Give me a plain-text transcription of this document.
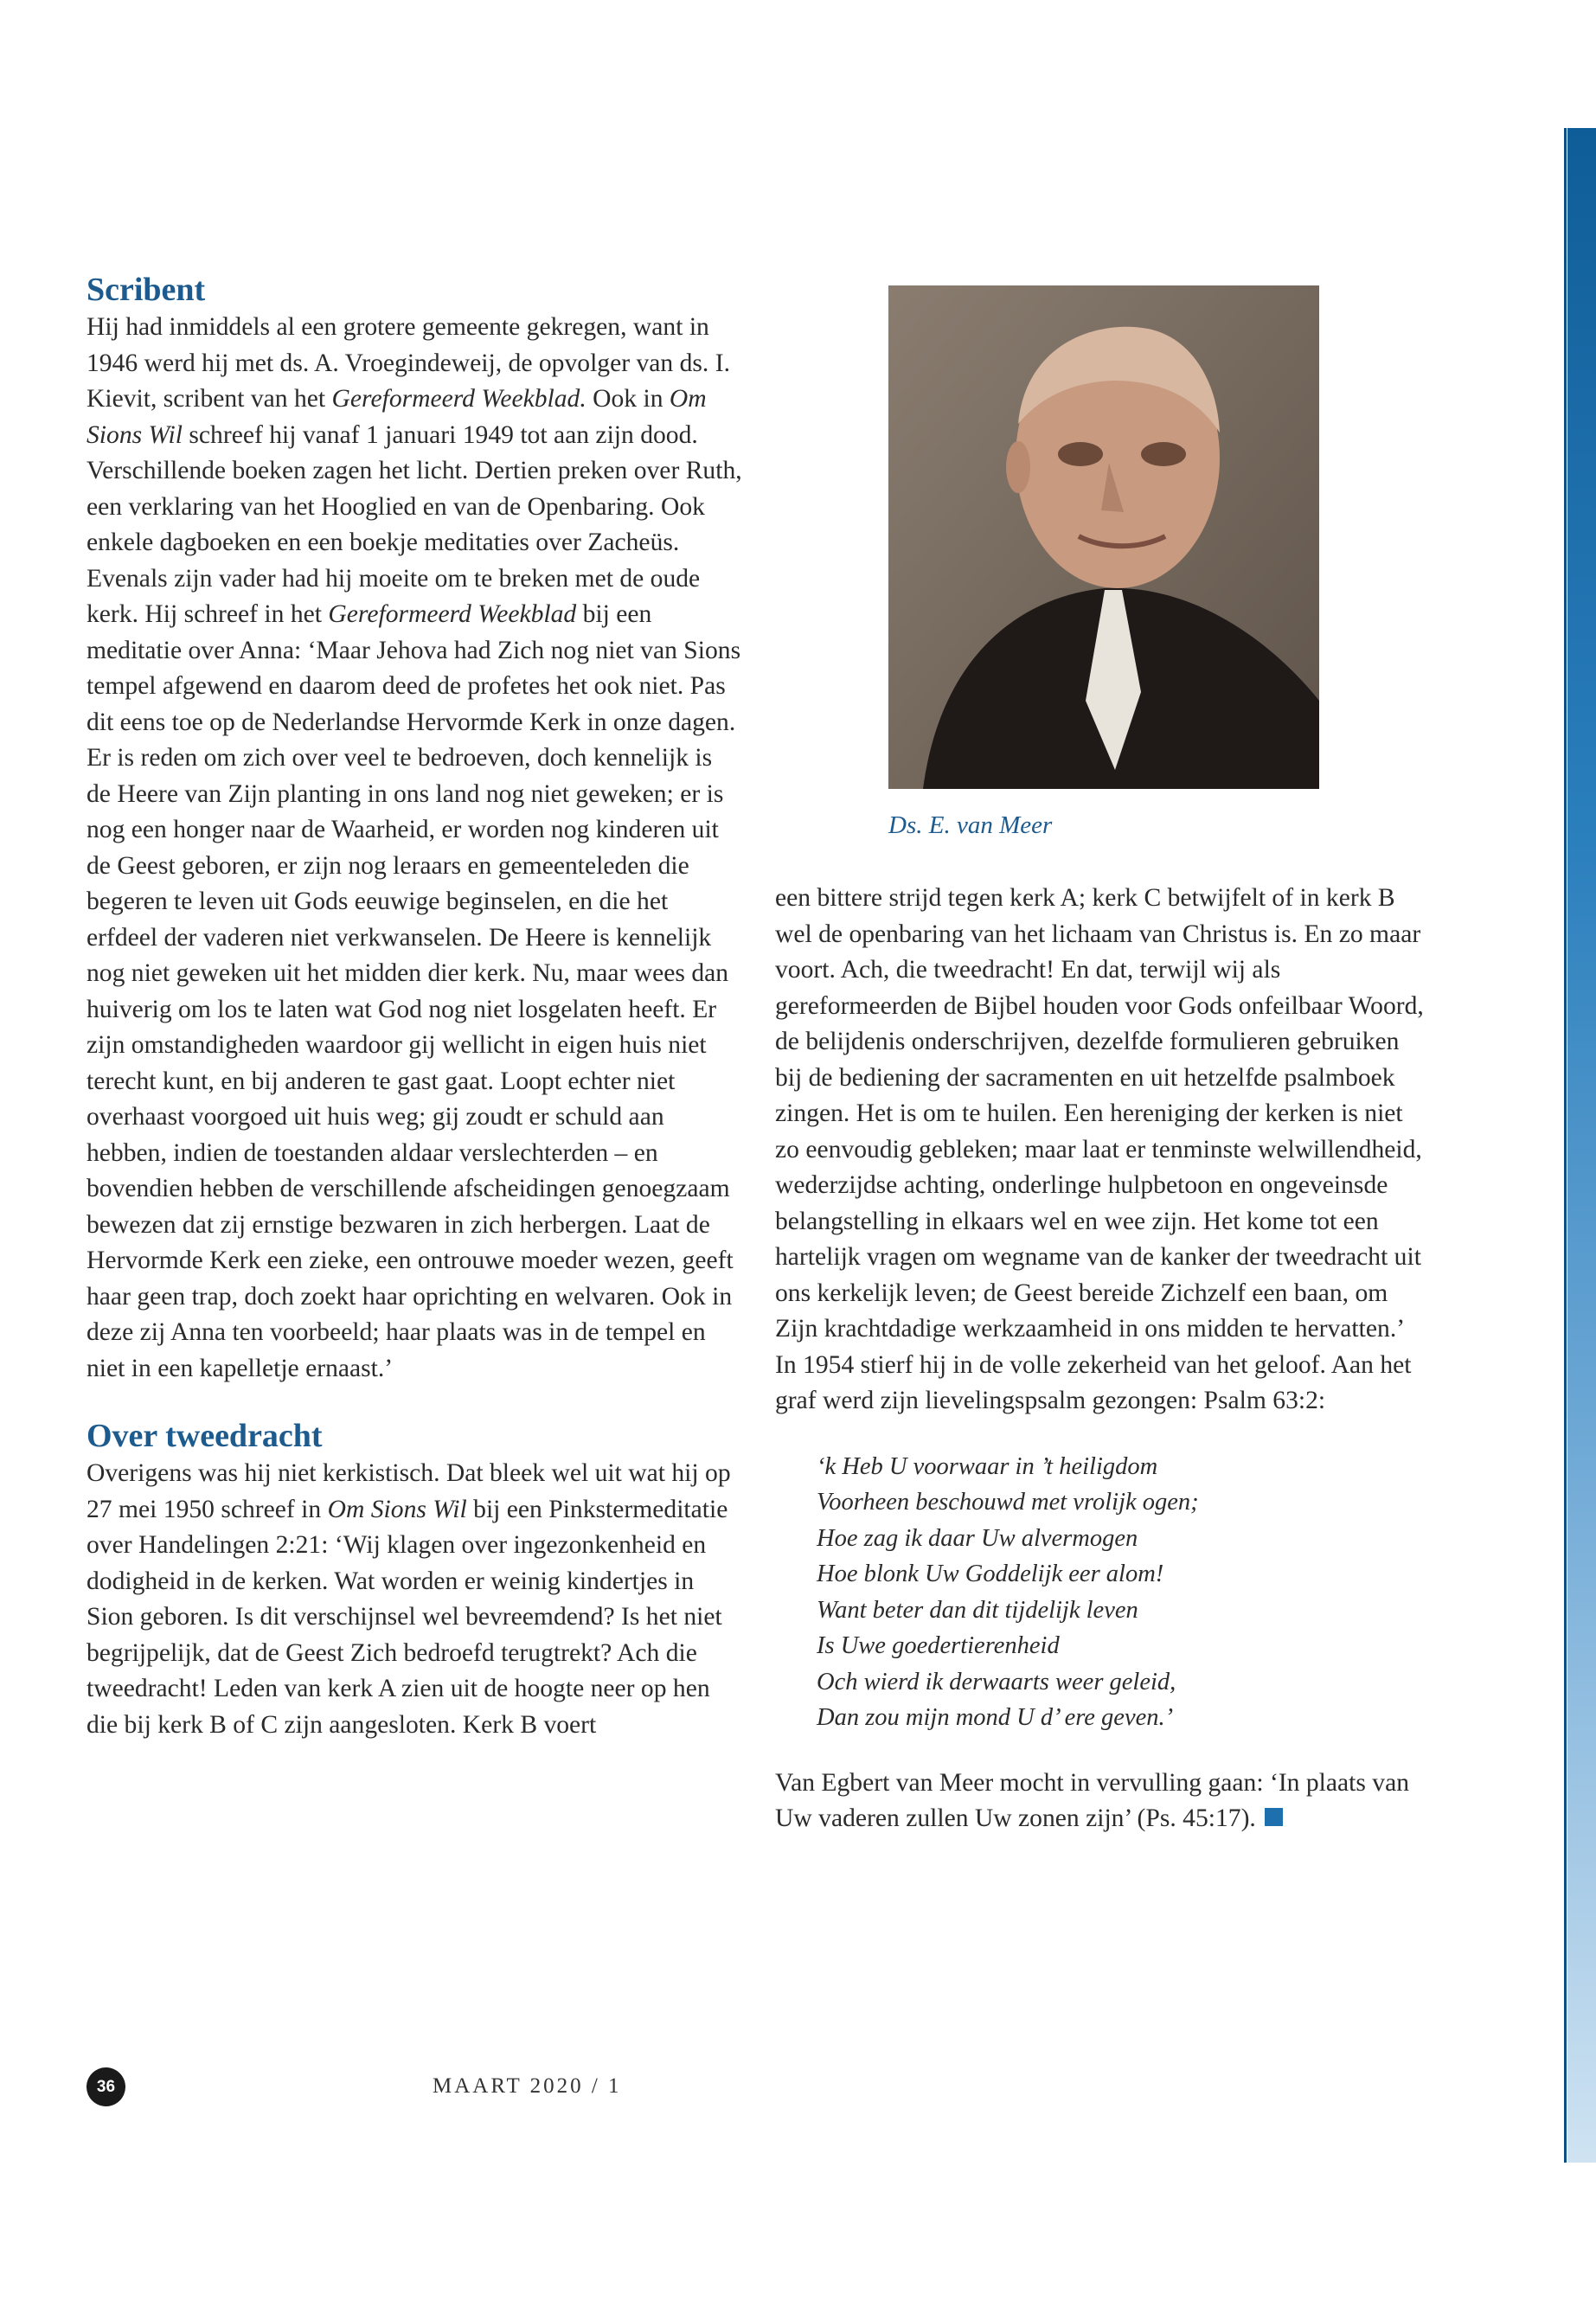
Scribent

Hij had inmiddels al een grotere gemeente gekregen, want in 1946 werd hij met ds. A. Vroegindeweij, de opvolger van ds. I. Kievit, scribent van het Gereformeerd Weekblad. Ook in Om Sions Wil schreef hij vanaf 1 januari 1949 tot aan zijn dood. Verschillende boeken zagen het licht. Dertien preken over Ruth, een verklaring van het Hooglied en van de Openbaring. Ook enkele dagboeken en een boekje meditaties over Zacheüs.

Evenals zijn vader had hij moeite om te breken met de oude kerk. Hij schreef in het Gereformeerd Weekblad bij een meditatie over Anna: ‘Maar Jehova had Zich nog niet van Sions tempel afgewend en daarom deed de profetes het ook niet. Pas dit eens toe op de Nederlandse Hervormde Kerk in onze dagen. Er is reden om zich over veel te bedroeven, doch kennelijk is de Heere van Zijn planting in ons land nog niet geweken; er is nog een honger naar de Waarheid, er worden nog kinderen uit de Geest geboren, er zijn nog leraars en gemeenteleden die begeren te leven uit Gods eeuwige beginselen, en die het erfdeel der vaderen niet verkwanselen. De Heere is kennelijk nog niet geweken uit het midden dier kerk. Nu, maar wees dan huiverig om los te laten wat God nog niet losgelaten heeft. Er zijn omstandigheden waardoor gij wellicht in eigen huis niet terecht kunt, en bij anderen te gast gaat. Loopt echter niet overhaast voorgoed uit huis weg; gij zoudt er schuld aan hebben, indien de toestanden aldaar verslechterden – en bovendien hebben de verschillende afscheidingen genoegzaam bewezen dat zij ernstige bezwaren in zich herbergen. Laat de Hervormde Kerk een zieke, een ontrouwe moeder wezen, geeft haar geen trap, doch zoekt haar oprichting en welvaren. Ook in deze zij Anna ten voorbeeld; haar plaats was in de tempel en niet in een kapelletje ernaast.’

Over tweedracht

Overigens was hij niet kerkistisch. Dat bleek wel uit wat hij op 27 mei 1950 schreef in Om Sions Wil bij een Pinkstermeditatie over Handelingen 2:21: ‘Wij klagen over ingezonkenheid en dodigheid in de kerken. Wat worden er weinig kindertjes in Sion geboren. Is dit verschijnsel wel bevreemdend? Is het niet begrijpelijk, dat de Geest Zich bedroefd terugtrekt? Ach die tweedracht! Leden van kerk A zien uit de hoogte neer op hen die bij kerk B of C zijn aangesloten. Kerk B voert

Ds. E. van Meer

een bittere strijd tegen kerk A; kerk C betwijfelt of in kerk B wel de openbaring van het lichaam van Christus is. En zo maar voort. Ach, die tweedracht! En dat, terwijl wij als gereformeerden de Bijbel houden voor Gods onfeilbaar Woord, de belijdenis onderschrijven, dezelfde formulieren gebruiken bij de bediening der sacramenten en uit hetzelfde psalmboek zingen. Het is om te huilen. Een hereniging der kerken is niet zo eenvoudig gebleken; maar laat er tenminste welwillendheid, wederzijdse achting, onderlinge hulpbetoon en ongeveinsde belangstelling in elkaars wel en wee zijn. Het kome tot een hartelijk vragen om wegname van de kanker der tweedracht uit ons kerkelijk leven; de Geest bereide Zichzelf een baan, om Zijn krachtdadige werkzaamheid in ons midden te hervatten.’

In 1954 stierf hij in de volle zekerheid van het geloof. Aan het graf werd zijn lievelingspsalm gezongen: Psalm 63:2:

‘k Heb U voorwaar in ’t heiligdom
Voorheen beschouwd met vrolijk ogen;
Hoe zag ik daar Uw alvermogen
Hoe blonk Uw Goddelijk eer alom!
Want beter dan dit tijdelijk leven
Is Uwe goedertierenheid
Och wierd ik derwaarts weer geleid,
Dan zou mijn mond U d’ ere geven.’

Van Egbert van Meer mocht in vervulling gaan: ‘In plaats van Uw vaderen zullen Uw zonen zijn’ (Ps. 45:17).

36	MAART 2020 / 1
